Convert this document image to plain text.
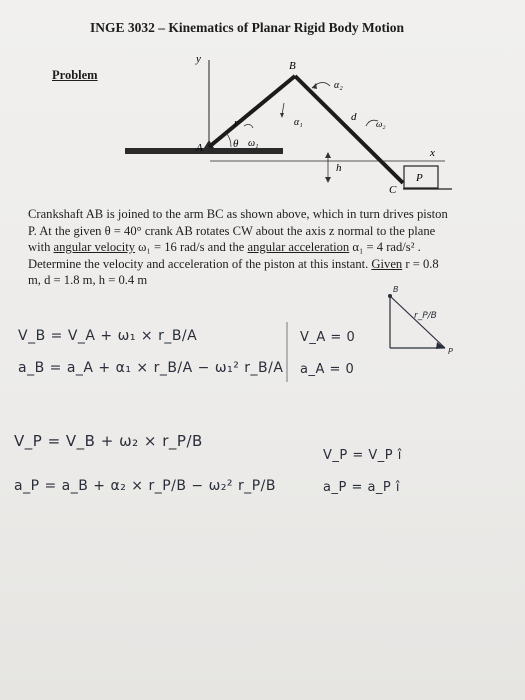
INGE 3032 – Kinematics of Planar Rigid Body Motion
Problem
y
A
B
α₂
α₁
r
d
ω₂
θ ω₁
h
x
P
C

Crankshaft AB is joined to the arm BC as shown above, which in turn drives piston

P. At the given θ = 40° crank AB rotates CW about the axis z normal to the plane

with angular velocity ω₁ = 16 rad/s and the angular acceleration α₁ = 4 rad/s² .

Determine the velocity and acceleration of the piston at this instant. Given r = 0.8

m, d = 1.8 m, h = 0.4 m

V_B = V_A + ω₁ × r_B/A
a_B = a_A + α₁ × r_B/A − ω₁² r_B/A
V_A = 0
a_A = 0
V_P = V_B + ω₂ × r_P/B
a_P = a_B + α₂ × r_P/B − ω₂² r_P/B
V_P = V_P î
a_P = a_P î
B
P
r_P/B
